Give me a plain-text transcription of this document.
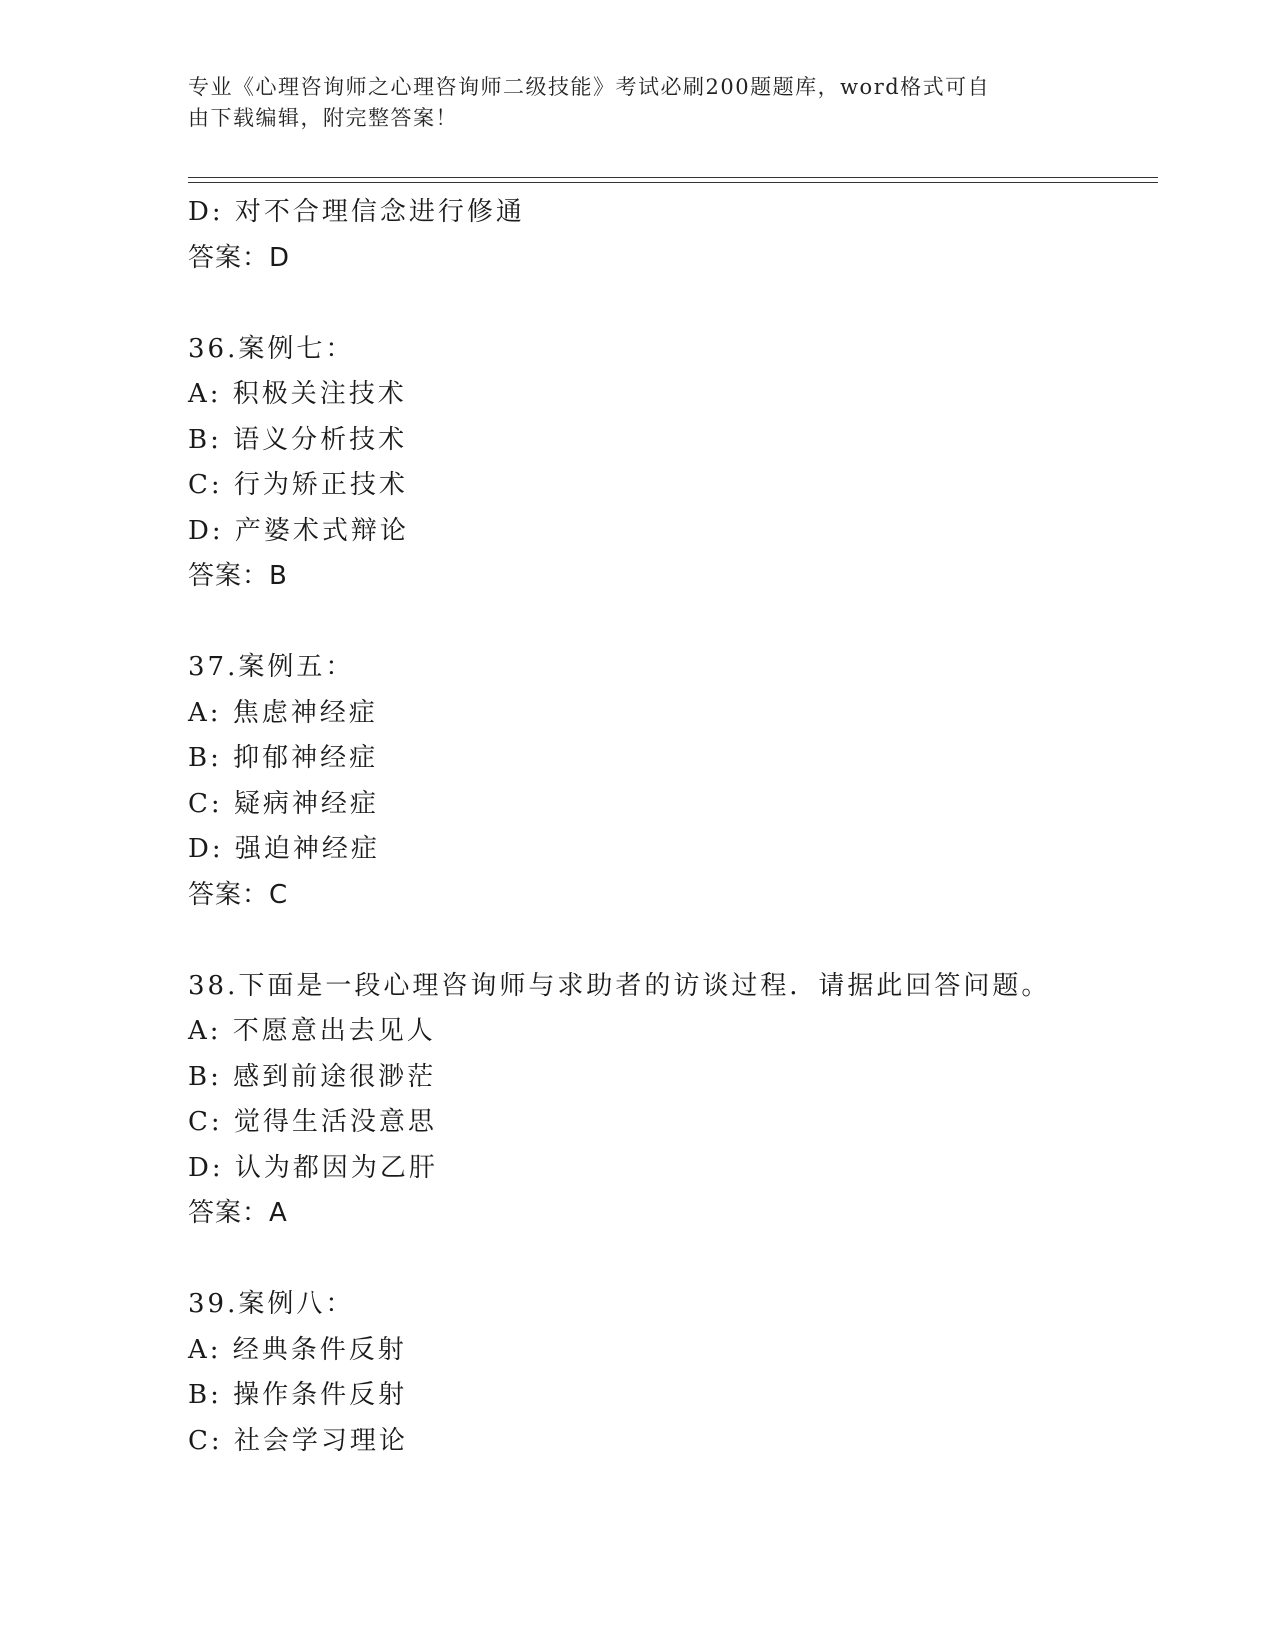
专业《心理咨询师之心理咨询师二级技能》考试必刷200题题库，word格式可自
由下载编辑，附完整答案！
D: 对不合理信念进行修通
答案：D
36.案例七：
A: 积极关注技术
B: 语义分析技术
C: 行为矫正技术
D: 产婆术式辩论
答案：B
37.案例五：
A: 焦虑神经症
B: 抑郁神经症
C: 疑病神经症
D: 强迫神经症
答案：C
38.下面是一段心理咨询师与求助者的访谈过程．请据此回答问题。
A: 不愿意出去见人
B: 感到前途很渺茫
C: 觉得生活没意思
D: 认为都因为乙肝
答案：A
39.案例八：
A: 经典条件反射
B: 操作条件反射
C: 社会学习理论
